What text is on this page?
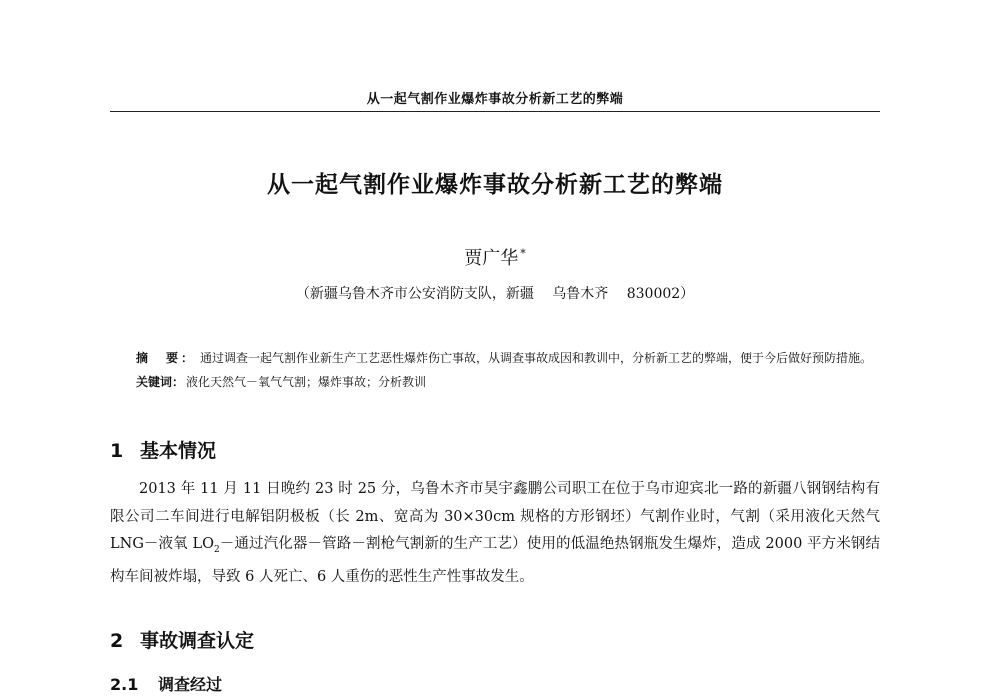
从一起气割作业爆炸事故分析新工艺的弊端
从一起气割作业爆炸事故分析新工艺的弊端
贾广华 *
（新疆乌鲁木齐市公安消防支队，新疆　 乌鲁木齐　 830002）
摘　要： 通过调查一起气割作业新生产工艺恶性爆炸伤亡事故，从调查事故成因和教训中，分析新工艺的弊端，便于今后做好预防措施。
关键词： 液化天然气－氧气气割；爆炸事故；分析教训
1 基本情况
2013 年 11 月 11 日晚约 23 时 25 分，乌鲁木齐市昊宇鑫鹏公司职工在位于乌市迎宾北一路的新疆八钢钢结构有限公司二车间进行电解铝阴极板（长 2m、宽高为 30×30cm 规格的方形钢坯）气割作业时，气割（采用液化天然气 LNG－液氧 $LO_2-$通过汽化器－管路－割枪气割新的生产工艺）使用的低温绝热钢瓶发生爆炸，造成 2000 平方米钢结构车间被炸塌，导致 6 人死亡、6 人重伤的恶性生产性事故发生。
2 事故调查认定
2.1 调查经过
